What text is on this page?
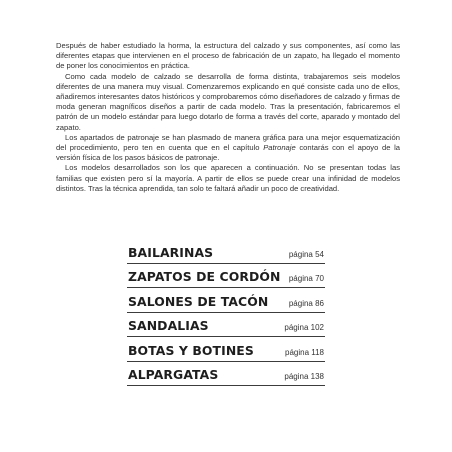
Después de haber estudiado la horma, la estructura del calzado y sus componentes, así como las diferentes etapas que intervienen en el proceso de fabricación de un zapato, ha llegado el momento de poner los conocimientos en práctica.

Como cada modelo de calzado se desarrolla de forma distinta, trabajaremos seis modelos diferentes de una manera muy visual. Comenzaremos explicando en qué consiste cada uno de ellos, añadiremos interesantes datos históricos y comprobaremos cómo diseñadores de calzado y firmas de moda generan magníficos diseños a partir de cada modelo. Tras la presentación, fabricaremos el patrón de un modelo estándar para luego dotarlo de forma a través del corte, aparado y montado del zapato.

Los apartados de patronaje se han plasmado de manera gráfica para una mejor esquematización del procedimiento, pero ten en cuenta que en el capítulo Patronaje contarás con el apoyo de la versión física de los pasos básicos de patronaje.

Los modelos desarrollados son los que aparecen a continuación. No se presentan todas las familias que existen pero sí la mayoría. A partir de ellos se puede crear una infinidad de modelos distintos. Tras la técnica aprendida, tan solo te faltará añadir un poco de creatividad.

BAILARINAS	página 54
ZAPATOS DE CORDÓN página 70
SALONES DE TACÓN	página 86
SANDALIAS	página 102
BOTAS Y BOTINES	página 118
ALPARGATAS	página 138
